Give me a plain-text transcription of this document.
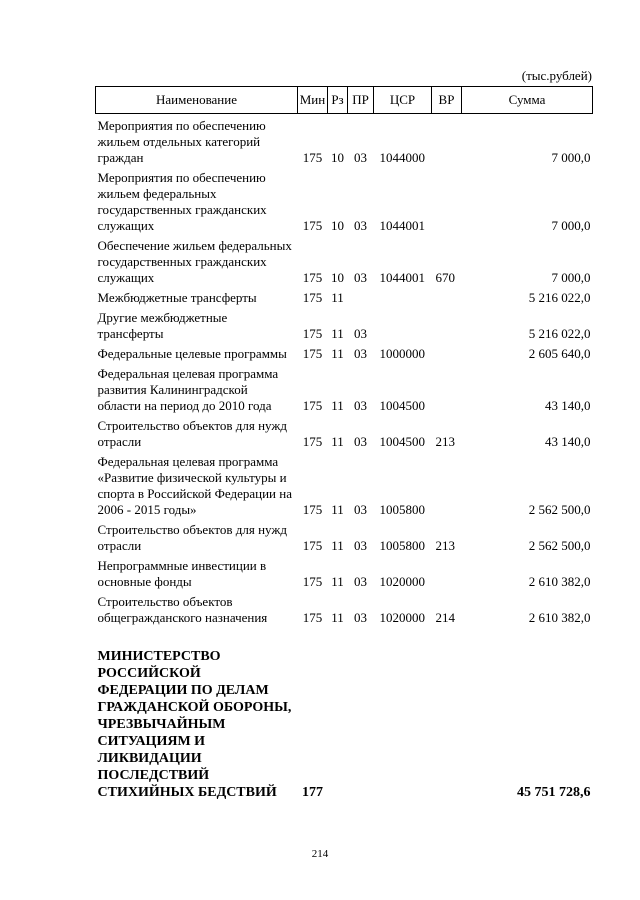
(тыс.рублей)
Наименование	Мин	Рз	ПР	ЦСР	ВР	Сумма
Мероприятия по обеспечению жильем отдельных категорий граждан	175	10	03	1044000		7 000,0
Мероприятия по обеспечению жильем федеральных государственных гражданских служащих	175	10	03	1044001		7 000,0
Обеспечение жильем федеральных государственных гражданских служащих	175	10	03	1044001	670	7 000,0
Межбюджетные трансферты	175	11				5 216 022,0
Другие межбюджетные трансферты	175	11	03			5 216 022,0
Федеральные целевые программы	175	11	03	1000000		2 605 640,0
Федеральная целевая программа развития Калининградской области на период до 2010 года	175	11	03	1004500		43 140,0
Строительство объектов для нужд отрасли	175	11	03	1004500	213	43 140,0
Федеральная целевая программа «Развитие физической культуры и спорта в Российской Федерации на 2006 - 2015 годы»	175	11	03	1005800		2 562 500,0
Строительство объектов для нужд отрасли	175	11	03	1005800	213	2 562 500,0
Непрограммные инвестиции в основные фонды	175	11	03	1020000		2 610 382,0
Строительство объектов общегражданского назначения	175	11	03	1020000	214	2 610 382,0
МИНИСТЕРСТВО РОССИЙСКОЙ ФЕДЕРАЦИИ ПО ДЕЛАМ ГРАЖДАНСКОЙ ОБОРОНЫ, ЧРЕЗВЫЧАЙНЫМ СИТУАЦИЯМ И ЛИКВИДАЦИИ ПОСЛЕДСТВИЙ СТИХИЙНЫХ БЕДСТВИЙ	177					45 751 728,6
214
